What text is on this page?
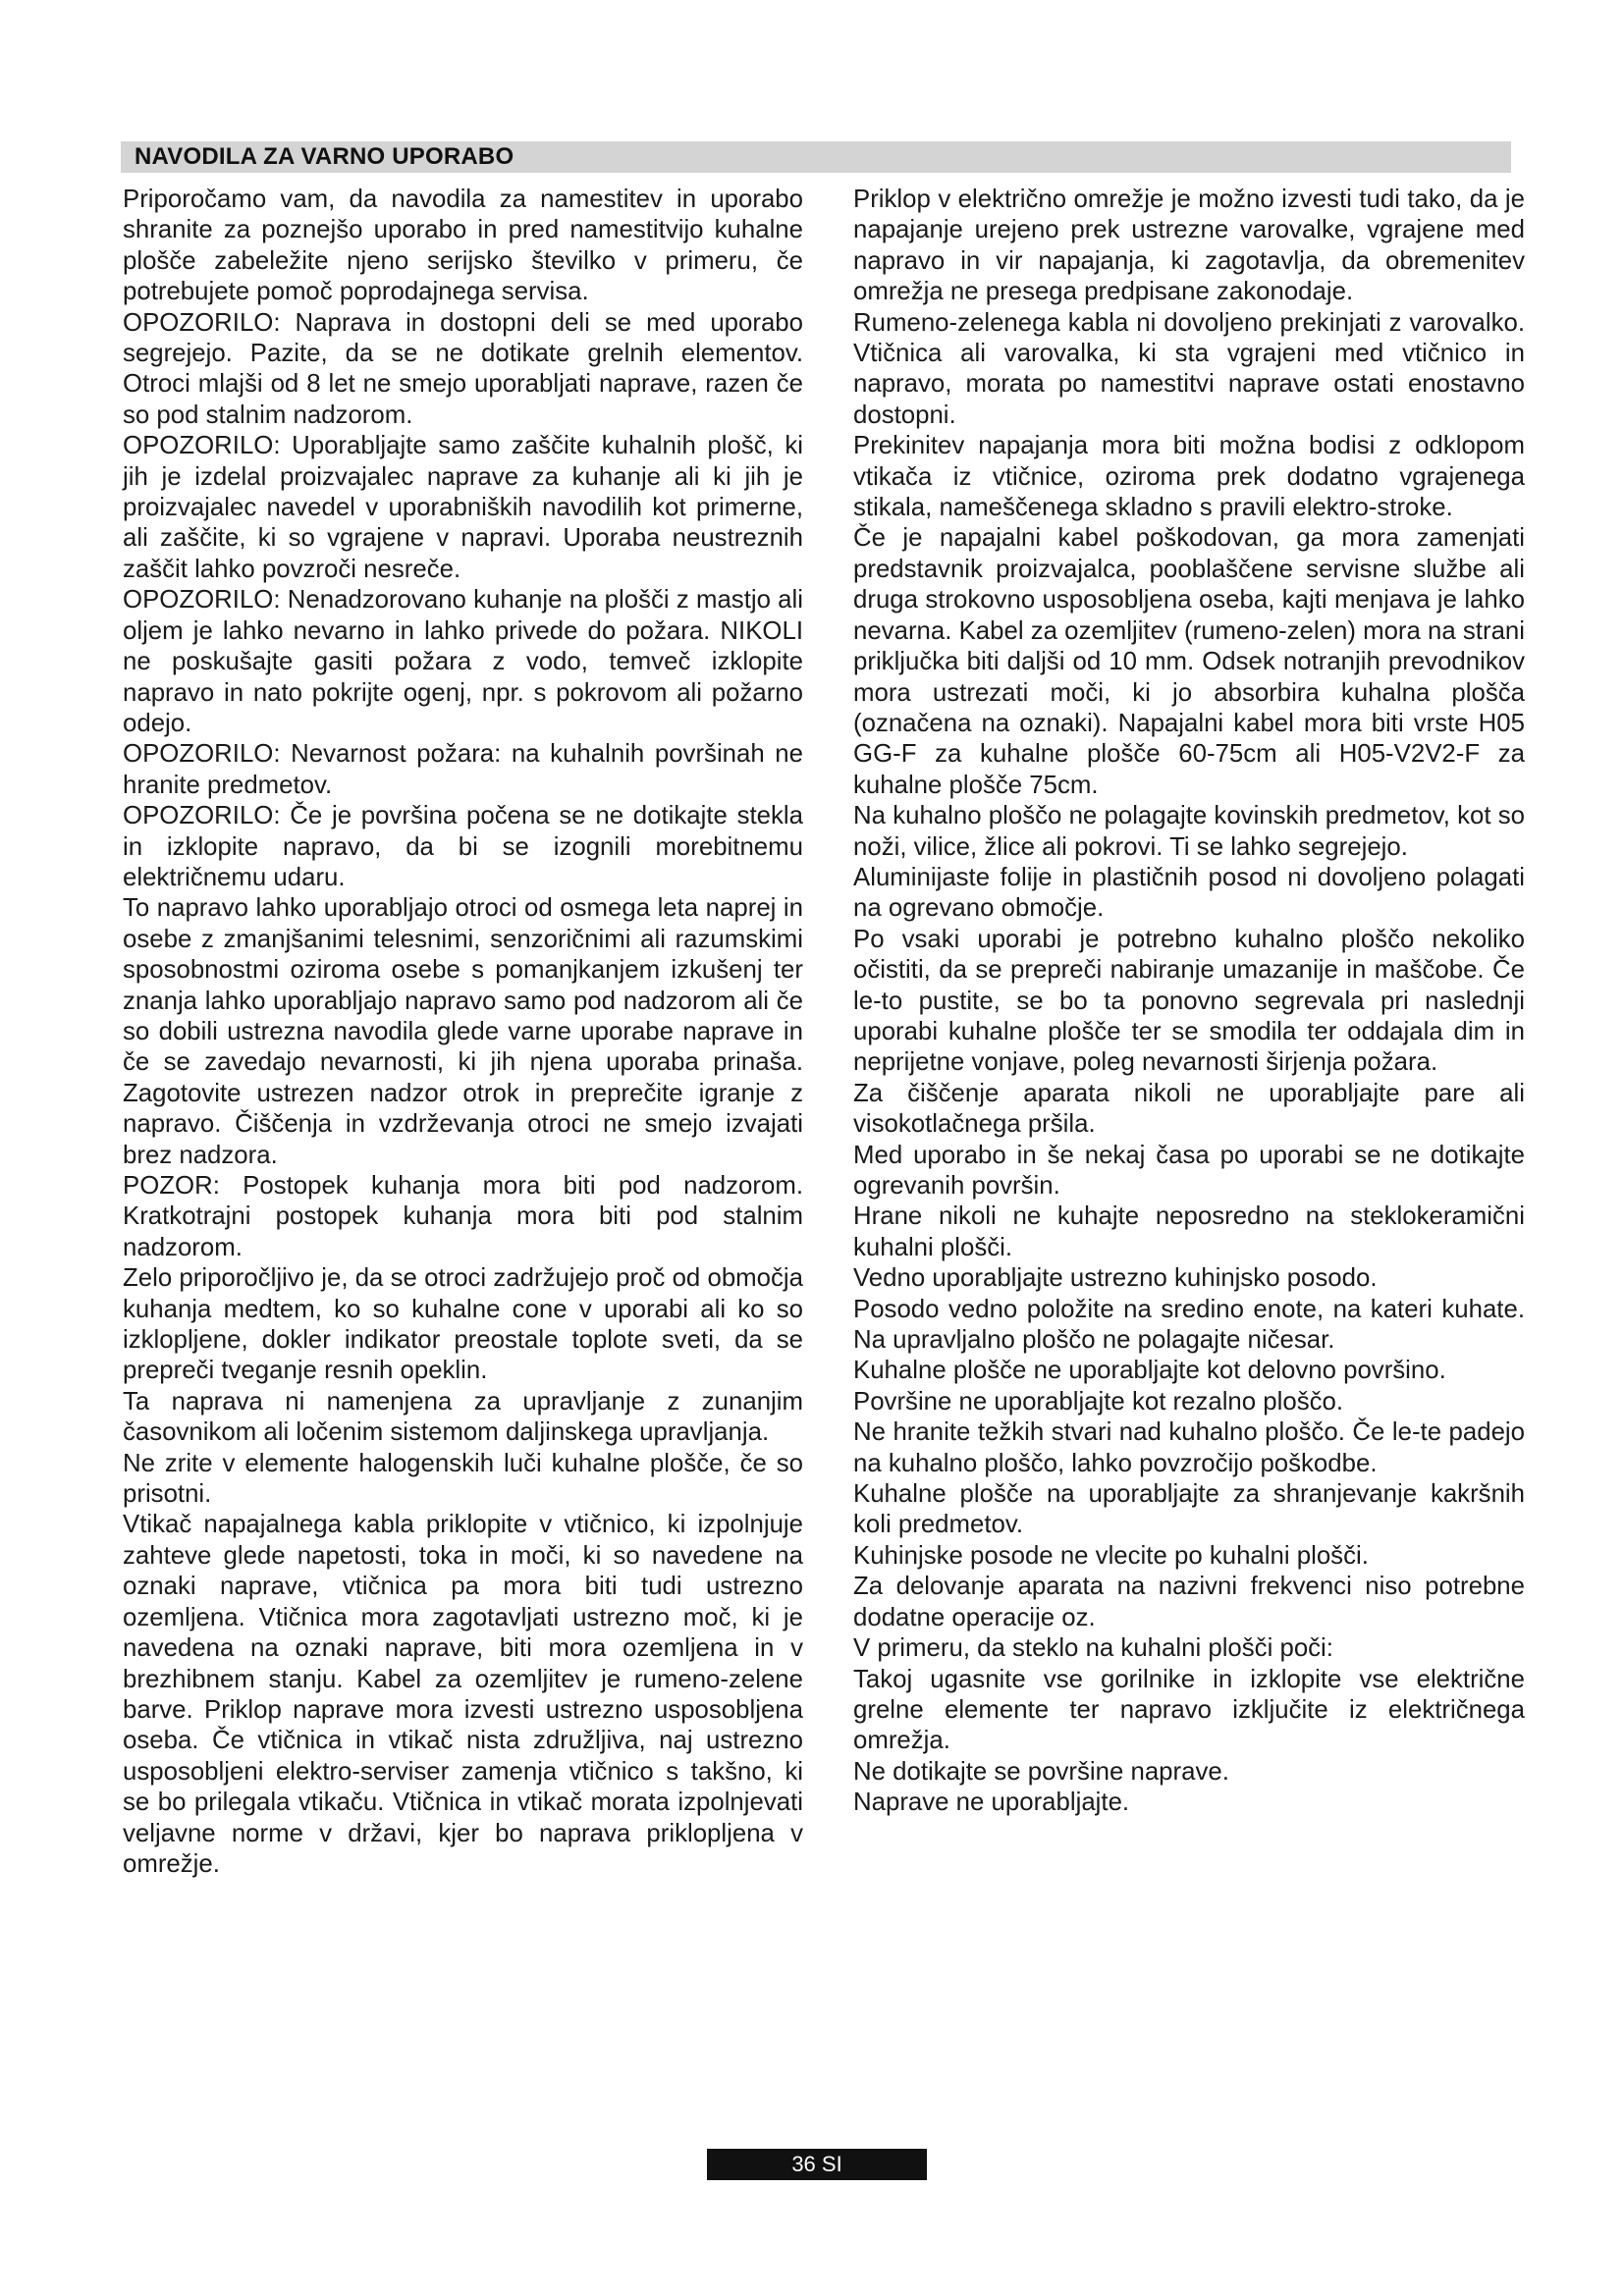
NAVODILA ZA VARNO UPORABO

Priporočamo vam, da navodila za namestitev in uporabo shranite za poznejšo uporabo in pred namestitvijo kuhalne plošče zabeležite njeno serijsko številko v primeru, če potrebujete pomoč poprodajnega servisa.

OPOZORILO: Naprava in dostopni deli se med uporabo segrejejo. Pazite, da se ne dotikate grelnih elementov. Otroci mlajši od 8 let ne smejo uporabljati naprave, razen če so pod stalnim nadzorom.

OPOZORILO: Uporabljajte samo zaščite kuhalnih plošč, ki jih je izdelal proizvajalec naprave za kuhanje ali ki jih je proizvajalec navedel v uporabniških navodilih kot primerne, ali zaščite, ki so vgrajene v napravi. Uporaba neustreznih zaščit lahko povzroči nesreče.

OPOZORILO: Nenadzorovano kuhanje na plošči z mastjo ali oljem je lahko nevarno in lahko privede do požara. NIKOLI ne poskušajte gasiti požara z vodo, temveč izklopite napravo in nato pokrijte ogenj, npr. s pokrovom ali požarno odejo.

OPOZORILO: Nevarnost požara: na kuhalnih površinah ne hranite predmetov.

OPOZORILO: Če je površina počena se ne dotikajte stekla in izklopite napravo, da bi se izognili morebitnemu električnemu udaru.

To napravo lahko uporabljajo otroci od osmega leta naprej in osebe z zmanjšanimi telesnimi, senzoričnimi ali razumskimi sposobnostmi oziroma osebe s pomanjkanjem izkušenj ter znanja lahko uporabljajo napravo samo pod nadzorom ali če so dobili ustrezna navodila glede varne uporabe naprave in če se zavedajo nevarnosti, ki jih njena uporaba prinaša. Zagotovite ustrezen nadzor otrok in preprečite igranje z napravo. Čiščenja in vzdrževanja otroci ne smejo izvajati brez nadzora.

POZOR: Postopek kuhanja mora biti pod nadzorom. Kratkotrajni postopek kuhanja mora biti pod stalnim nadzorom.

Zelo priporočljivo je, da se otroci zadržujejo proč od območja kuhanja medtem, ko so kuhalne cone v uporabi ali ko so izklopljene, dokler indikator preostale toplote sveti, da se prepreči tveganje resnih opeklin.

Ta naprava ni namenjena za upravljanje z zunanjim časovnikom ali ločenim sistemom daljinskega upravljanja.

Ne zrite v elemente halogenskih luči kuhalne plošče, če so prisotni.

Vtikač napajalnega kabla priklopite v vtičnico, ki izpolnjuje zahteve glede napetosti, toka in moči, ki so navedene na oznaki naprave, vtičnica pa mora biti tudi ustrezno ozemljena. Vtičnica mora zagotavljati ustrezno moč, ki je navedena na oznaki naprave, biti mora ozemljena in v brezhibnem stanju. Kabel za ozemljitev je rumeno-zelene barve. Priklop naprave mora izvesti ustrezno usposobljena oseba. Če vtičnica in vtikač nista združljiva, naj ustrezno usposobljeni elektro-serviser zamenja vtičnico s takšno, ki se bo prilegala vtikaču. Vtičnica in vtikač morata izpolnjevati veljavne norme v državi, kjer bo naprava priklopljena v omrežje.

Priklop v električno omrežje je možno izvesti tudi tako, da je napajanje urejeno prek ustrezne varovalke, vgrajene med napravo in vir napajanja, ki zagotavlja, da obremenitev omrežja ne presega predpisane zakonodaje.

Rumeno-zelenega kabla ni dovoljeno prekinjati z varovalko. Vtičnica ali varovalka, ki sta vgrajeni med vtičnico in napravo, morata po namestitvi naprave ostati enostavno dostopni.

Prekinitev napajanja mora biti možna bodisi z odklopom vtikača iz vtičnice, oziroma prek dodatno vgrajenega stikala, nameščenega skladno s pravili elektro-stroke.

Če je napajalni kabel poškodovan, ga mora zamenjati predstavnik proizvajalca, pooblaščene servisne službe ali druga strokovno usposobljena oseba, kajti menjava je lahko nevarna. Kabel za ozemljitev (rumeno-zelen) mora na strani priključka biti daljši od 10 mm. Odsek notranjih prevodnikov mora ustrezati moči, ki jo absorbira kuhalna plošča (označena na oznaki). Napajalni kabel mora biti vrste H05 GG-F za kuhalne plošče 60-75cm ali H05-V2V2-F za kuhalne plošče 75cm.

Na kuhalno ploščo ne polagajte kovinskih predmetov, kot so noži, vilice, žlice ali pokrovi. Ti se lahko segrejejo.

Aluminijaste folije in plastičnih posod ni dovoljeno polagati na ogrevano območje.

Po vsaki uporabi je potrebno kuhalno ploščo nekoliko očistiti, da se prepreči nabiranje umazanije in maščobe. Če le-to pustite, se bo ta ponovno segrevala pri naslednji uporabi kuhalne plošče ter se smodila ter oddajala dim in neprijetne vonjave, poleg nevarnosti širjenja požara.

Za čiščenje aparata nikoli ne uporabljajte pare ali visokotlačnega pršila.

Med uporabo in še nekaj časa po uporabi se ne dotikajte ogrevanih površin.

Hrane nikoli ne kuhajte neposredno na steklokeramični kuhalni plošči.

Vedno uporabljajte ustrezno kuhinjsko posodo.

Posodo vedno položite na sredino enote, na kateri kuhate. Na upravljalno ploščo ne polagajte ničesar.

Kuhalne plošče ne uporabljajte kot delovno površino.

Površine ne uporabljajte kot rezalno ploščo.

Ne hranite težkih stvari nad kuhalno ploščo. Če le-te padejo na kuhalno ploščo, lahko povzročijo poškodbe.

Kuhalne plošče na uporabljajte za shranjevanje kakršnih koli predmetov.

Kuhinjske posode ne vlecite po kuhalni plošči.

Za delovanje aparata na nazivni frekvenci niso potrebne dodatne operacije oz.

V primeru, da steklo na kuhalni plošči poči:

Takoj ugasnite vse gorilnike in izklopite vse električne grelne elemente ter napravo izključite iz električnega omrežja.

Ne dotikajte se površine naprave.

Naprave ne uporabljajte.

36 SI
